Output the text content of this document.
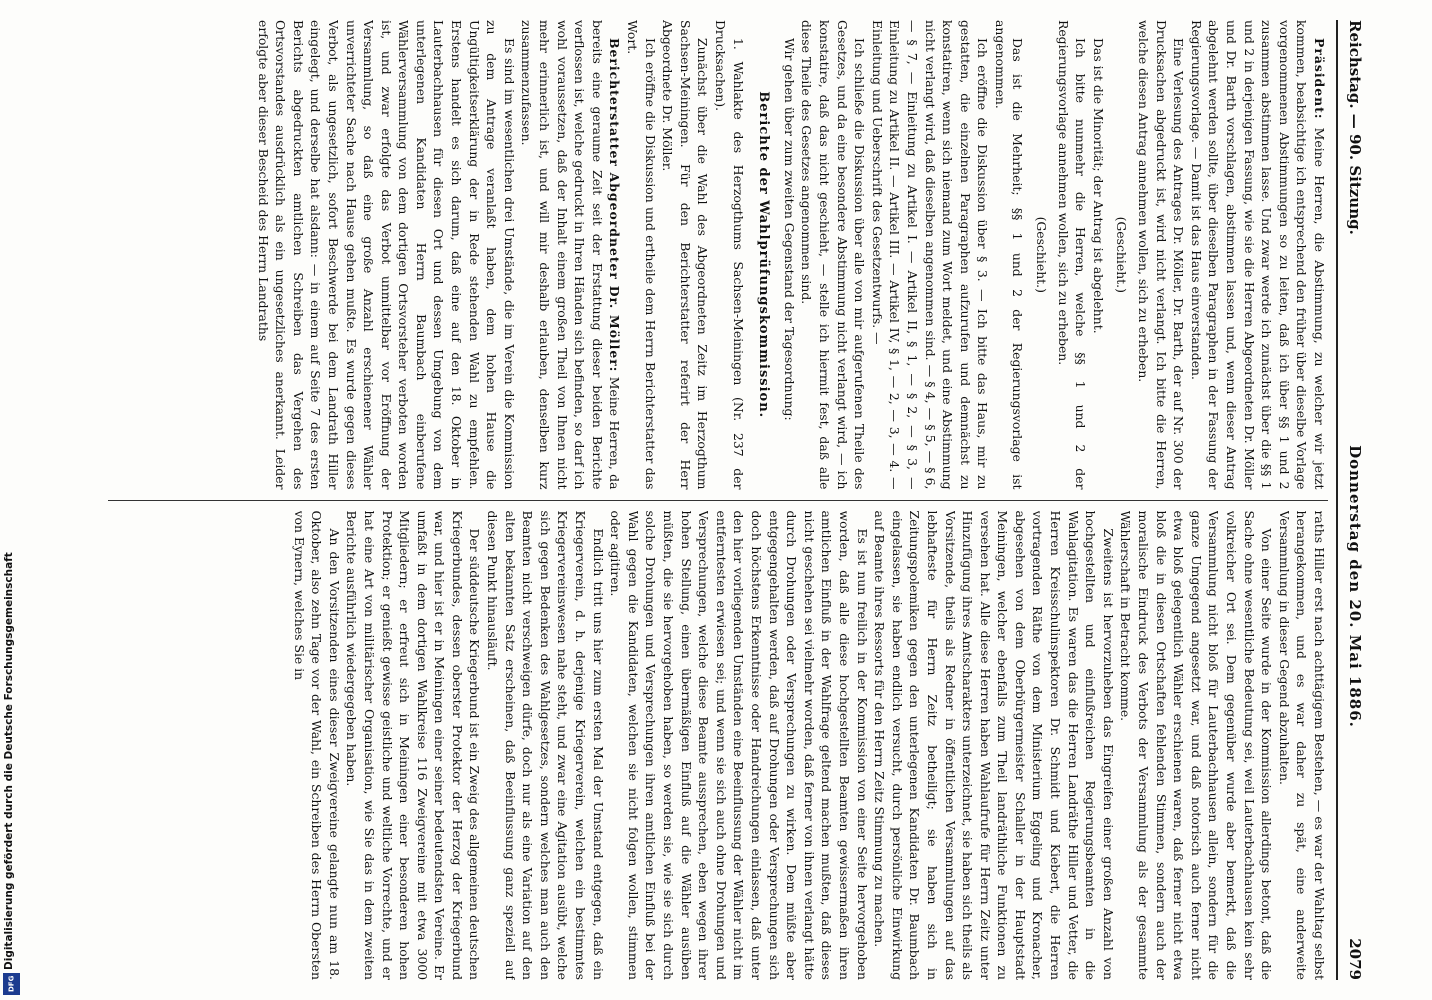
Digitalisierung gefördert durch die Deutsche Forschungsgemeinschaft
DFG
Reichstag. — 90. Sitzung.
Donnerstag den 20. Mai 1886.
2079

Präsident: Meine Herren, die Abstimmung, zu welcher wir jetzt kommen, beabsichtige ich entsprechend den früher über dieselbe Vorlage vorgenommenen Abstimmungen so zu leiten, daß ich über §§ 1 und 2 zusammen abstimmen lasse. Und zwar werde ich zunächst über die §§ 1 und 2 in derjenigen Fassung, wie sie die Herren Abgeordneten Dr. Möller und Dr. Barth vorschlagen, abstimmen lassen und, wenn dieser Antrag abgelehnt werden sollte, über dieselben Paragraphen in der Fassung der Regierungsvorlage. — Damit ist das Haus einverstanden.

Eine Verlesung des Antrages Dr. Möller, Dr. Barth, der auf Nr. 300 der Drucksachen abgedruckt ist, wird nicht verlangt. Ich bitte die Herren, welche diesen Antrag annehmen wollen, sich zu erheben.

(Geschieht.)

Das ist die Minorität; der Antrag ist abgelehnt.

Ich bitte nunmehr die Herren, welche §§ 1 und 2 der Regierungsvorlage annehmen wollen, sich zu erheben.

(Geschieht.)

Das ist die Mehrheit; §§ 1 und 2 der Regierungsvorlage ist angenommen.

Ich eröffne die Diskussion über § 3. — Ich bitte das Haus, mir zu gestatten, die einzelnen Paragraphen aufzurufen und demnächst zu konstatiren, wenn sich niemand zum Wort meldet, und eine Abstimmung nicht verlangt wird, daß dieselben angenommen sind. — § 4, — § 5, — § 6, — § 7, — Einleitung zu Artikel I. — Artikel II, § 1, — § 2, — § 3, — Einleitung zu Artikel II. — Artikel III. — Artikel IV, § 1, — 2, — 3, — 4. — Einleitung und Ueberschrift des Gesetzentwurfs. —

Ich schließe die Diskussion über alle von mir aufgerufenen Theile des Gesetzes, und da eine besondere Abstimmung nicht verlangt wird, — ich konstatire, daß das nicht geschieht, — stelle ich hiermit fest, daß alle diese Theile des Gesetzes angenommen sind.

Wir gehen über zum zweiten Gegenstand der Tagesordnung:

Berichte der Wahlprüfungskommission.

1. Wahlakte des Herzogthums Sachsen-Meiningen (Nr. 237 der Drucksachen).

Zunächst über die Wahl des Abgeordneten Zeitz im Herzogthum Sachsen-Meiningen. Für den Berichterstatter referirt der Herr Abgeordnete Dr. Möller.

Ich eröffne die Diskussion und ertheile dem Herrn Berichterstatter das Wort.

Berichterstatter Abgeordneter Dr. Möller: Meine Herren, da bereits eine geraume Zeit seit der Erstattung dieser beiden Berichte verflossen ist, welche gedruckt in Ihren Händen sich befinden, so darf ich wohl voraussetzen, daß der Inhalt einem großen Theil von Ihnen nicht mehr erinnerlich ist, und will mir deshalb erlauben, denselben kurz zusammenzufassen.

Es sind im wesentlichen drei Umstände, die im Verein die Kommission zu dem Antrage veranlaßt haben, dem hohen Hause die Ungültigkeitserklärung der in Rede stehenden Wahl zu empfehlen. Erstens handelt es sich darum, daß eine auf den 18. Oktober in Lauterbachhausen für diesen Ort und dessen Umgebung von dem unterlegenen Kandidaten Herrn Baumbach einberufene Wählerversammlung von dem dortigen Ortsvorsteher verboten worden ist, und zwar erfolgte das Verbot unmittelbar vor Eröffnung der Versammlung, so daß eine große Anzahl erschienener Wähler unverrichteter Sache nach Hause gehen mußte. Es wurde gegen dieses Verbot, als ungesetzlich, sofort Beschwerde bei dem Landrath Hiller eingelegt, und derselbe hat alsdann: — in einem auf Seite 7 des ersten Berichts abgedruckten amtlichen Schreiben das Vergehen des Ortsvorstandes ausdrücklich als ein ungesetzliches anerkannt. Leider erfolgte aber dieser Bescheid des Herrn Landraths

raths Hiller erst nach achttägigem Bestehen, — es war der Wahltag selbst herangekommen, und es war daher zu spät, eine anderweite Versammlung in dieser Gegend abzuhalten.

Von einer Seite wurde in der Kommission allerdings betont, daß die Sache ohne wesentliche Bedeutung sei, weil Lauterbachhausen kein sehr volkreicher Ort sei. Dem gegenüber wurde aber bemerkt, daß die Versammlung nicht bloß für Lauterbachhausen allein, sondern für die ganze Umgegend angesetzt war, und daß notorisch auch ferner nicht etwa bloß gelegentlich Wähler erschienen waren, daß ferner nicht etwa bloß die in diesen Ortschaften fehlenden Stimmen, sondern auch der moralische Eindruck des Verbots der Versammlung als der gesammte Wählerschaft in Betracht komme.

Zweitens ist hervorzuheben das Eingreifen einer großen Anzahl von hochgestellten und einflußreichen Regierungsbeamten in die Wahlagitation. Es waren das die Herren Landräthe Hiller und Vetter, die Herren Kreisschulinspektoren Dr. Schmidt und Kiebert, die Herren vortragenden Räthe von dem Ministerium Eggeling und Kronacher, abgesehen von dem Oberbürgermeister Schaller in der Hauptstadt Meiningen, welcher ebenfalls zum Theil landräthliche Funktionen zu versehen hat. Alle diese Herren haben Wahlaufrufe für Herrn Zeitz unter Hinzufügung ihres Amtscharakters unterzeichnet, sie haben sich theils als Vorsitzende, theils als Redner in öffentlichen Versammlungen auf das lebhafteste für Herrn Zeitz betheiligt; sie haben sich in Zeitungspolemiken gegen den unterlegenen Kandidaten Dr. Baumbach eingelassen, sie haben endlich versucht, durch persönliche Einwirkung auf Beamte ihres Ressorts für den Herrn Zeitz Stimmung zu machen.

Es ist nun freilich in der Kommission von einer Seite hervorgehoben worden, daß alle diese hochgestellten Beamten gewissermaßen ihren amtlichen Einfluß in der Wahlfrage geltend machen mußten, daß dieses nicht geschehen sei vielmehr worden, daß ferner von ihnen verlangt hätte durch Drohungen oder Versprechungen zu wirken. Dem müßte aber entgegengehalten werden, daß auf Drohungen oder Versprechungen sich doch höchstens Erkenntnisse oder Handreichungen einlassen, daß unter den hier vorliegenden Umständen eine Beeinflussung der Wähler nicht im entferntesten erwiesen sei; und wenn sie sich auch ohne Drohungen und Versprechungen, welche diese Beamte aussprechen, eben wegen ihrer hohen Stellung, einen übermäßigen Einfluß auf die Wähler ausüben müßten, die sie hervorgehoben haben, so werden sie, wie sie sich durch solche Drohungen und Versprechungen ihren amtlichen Einfluß bei der Wahl gegen die Kandidaten, welchen sie nicht folgen wollen, stimmen oder agitiren.

Endlich tritt uns hier zum ersten Mal der Umstand entgegen, daß ein Kriegerverein, d. h. derjenige Kriegerverein, welchen ein bestimmtes Kriegervereinswesen nahe steht, und zwar eine Agitation ausübt, welche sich gegen Bedenken des Wahlgesetzes, sondern welches man auch den Beamten nicht verschweigen dürfe, doch nur als eine Variation auf den alten bekannten Satz erscheinen, daß Beeinflussung ganz speziell auf diesen Punkt hinausläuft.

Der süddeutsche Kriegerbund ist ein Zweig des allgemeinen deutschen Kriegerbundes, dessen oberster Protektor der Herzog der Kriegerbund war, und hier ist er in Meiningen einer seiner bedeutendsten Vereine. Er umfaßt in dem dortigen Wahlkreise 116 Zweigvereine mit etwa 3000 Mitgliedern; er erfreut sich in Meiningen einer besonderen hohen Protektion; er genießt gewisse geistliche und weltliche Vorrechte, und er hat eine Art von militärischer Organisation, wie Sie das in dem zweiten Berichte ausführlich wiedergegeben haben.

An den Vorsitzenden eines dieser Zweigvereine gelangte nun am 18. Oktober, also zehn Tage vor der Wahl, ein Schreiben des Herrn Obersten von Eynern, welches Sie in
